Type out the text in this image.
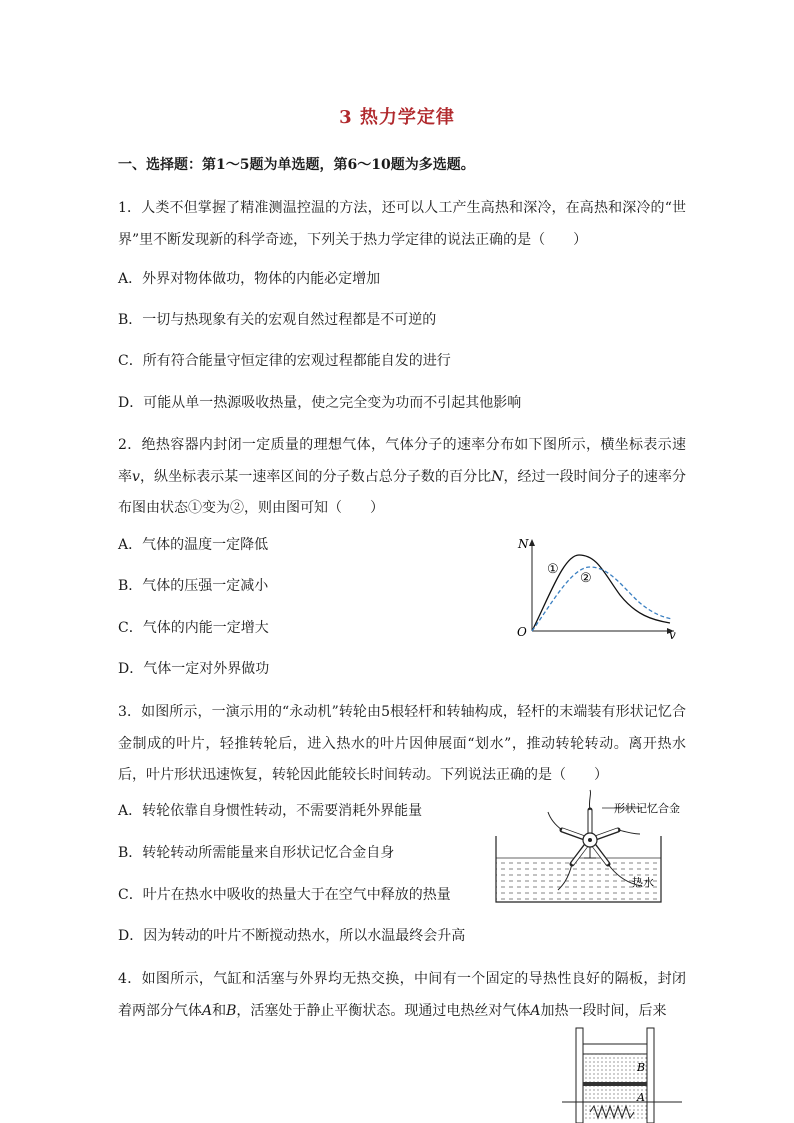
3 热力学定律
一、选择题：第1～5题为单选题，第6～10题为多选题。
1．人类不但掌握了精准测温控温的方法，还可以人工产生高热和深冷，在高热和深冷的“世界”里不断发现新的科学奇迹，下列关于热力学定律的说法正确的是（　　）
A．外界对物体做功，物体的内能必定增加
B．一切与热现象有关的宏观自然过程都是不可逆的
C．所有符合能量守恒定律的宏观过程都能自发的进行
D．可能从单一热源吸收热量，使之完全变为功而不引起其他影响
2．绝热容器内封闭一定质量的理想气体，气体分子的速率分布如下图所示，横坐标表示速率v，纵坐标表示某一速率区间的分子数占总分子数的百分比N，经过一段时间分子的速率分布图由状态①变为②，则由图可知（　　）
A．气体的温度一定降低
B．气体的压强一定减小
C．气体的内能一定增大
D．气体一定对外界做功
N
O	v
①
②
3．如图所示，一演示用的“永动机”转轮由5根轻杆和转轴构成，轻杆的末端装有形状记忆合金制成的叶片，轻推转轮后，进入热水的叶片因伸展面“划水”，推动转轮转动。离开热水后，叶片形状迅速恢复，转轮因此能较长时间转动。下列说法正确的是（　　）
A．转轮依靠自身惯性转动，不需要消耗外界能量
B．转轮转动所需能量来自形状记忆合金自身
C．叶片在热水中吸收的热量大于在空气中释放的热量
D．因为转动的叶片不断搅动热水，所以水温最终会升高
形状记忆合金
热水
4．如图所示，气缸和活塞与外界均无热交换，中间有一个固定的导热性良好的隔板，封闭着两部分气体A和B，活塞处于静止平衡状态。现通过电热丝对气体A加热一段时间，后来
B
A
